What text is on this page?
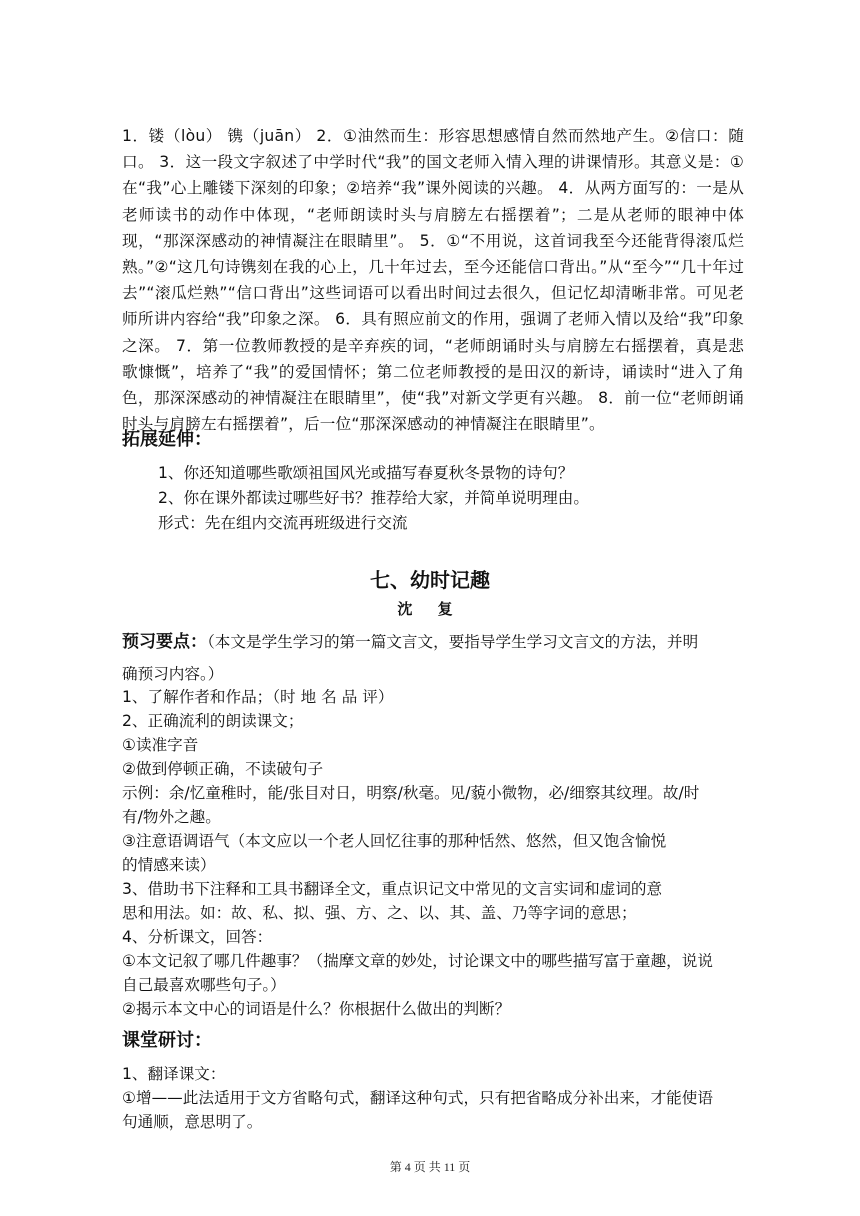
1．镂（lòu） 镌（juān） 2．①油然而生：形容思想感情自然而然地产生。②信口：随口。 3．这一段文字叙述了中学时代“我”的国文老师入情入理的讲课情形。其意义是：①在“我”心上雕镂下深刻的印象；②培养“我”课外阅读的兴趣。 4．从两方面写的：一是从老师读书的动作中体现，“老师朗读时头与肩膀左右摇摆着”；二是从老师的眼神中体现，“那深深感动的神情凝注在眼睛里”。 5．①“不用说，这首词我至今还能背得滚瓜烂熟。”②“这几句诗镌刻在我的心上，几十年过去，至今还能信口背出。”从“至今”“几十年过去”“滚瓜烂熟”“信口背出”这些词语可以看出时间过去很久，但记忆却清晰非常。可见老师所讲内容给“我”印象之深。 6．具有照应前文的作用，强调了老师入情以及给“我”印象之深。 7．第一位教师教授的是辛弃疾的词，“老师朗诵时头与肩膀左右摇摆着，真是悲歌慷慨”，培养了“我”的爱国情怀；第二位老师教授的是田汉的新诗，诵读时“进入了角色，那深深感动的神情凝注在眼睛里”，使“我”对新文学更有兴趣。 8．前一位“老师朗诵时头与肩膀左右摇摆着”，后一位“那深深感动的神情凝注在眼睛里”。
拓展延伸：
1、你还知道哪些歌颂祖国风光或描写春夏秋冬景物的诗句？
2、你在课外都读过哪些好书？推荐给大家，并简单说明理由。
形式：先在组内交流再班级进行交流
七、幼时记趣
沈 复
预习要点：（本文是学生学习的第一篇文言文，要指导学生学习文言文的方法，并明
确预习内容。）
1、了解作者和作品；（时 地 名 品 评）
2、正确流利的朗读课文；
①读准字音
②做到停顿正确，不读破句子
示例：余/忆童稚时，能/张目对日，明察/秋毫。见/藐小微物，必/细察其纹理。故/时
有/物外之趣。
③注意语调语气（本文应以一个老人回忆往事的那种恬然、悠然，但又饱含愉悦
的情感来读）
3、借助书下注释和工具书翻译全文，重点识记文中常见的文言实词和虚词的意
思和用法。如：故、私、拟、强、方、之、以、其、盖、乃等字词的意思；
4、分析课文，回答：
①本文记叙了哪几件趣事？（揣摩文章的妙处，讨论课文中的哪些描写富于童趣，说说
自己最喜欢哪些句子。）
②揭示本文中心的词语是什么？你根据什么做出的判断？
课堂研讨：
1、翻译课文：
①增——此法适用于文方省略句式，翻译这种句式，只有把省略成分补出来，才能使语
句通顺，意思明了。
第 4 页 共 11 页
